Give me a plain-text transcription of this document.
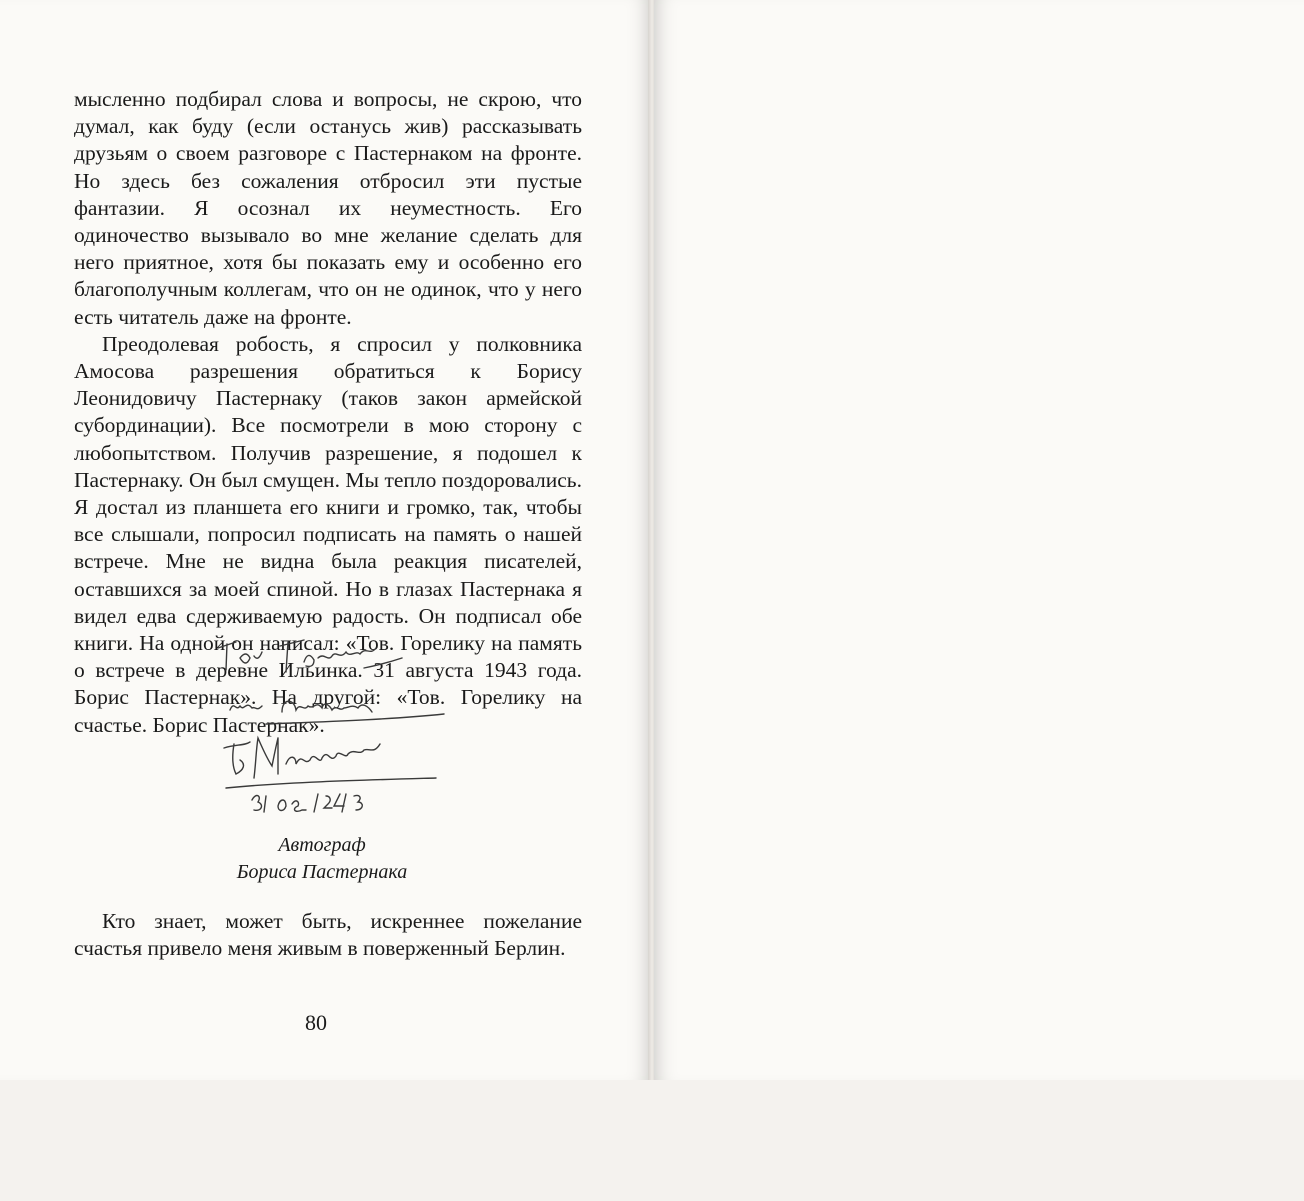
мысленно подбирал слова и вопросы, не скрою, что думал, как буду (если останусь жив) рассказывать друзьям о своем разговоре с Пастернаком на фронте. Но здесь без сожаления отбросил эти пустые фантазии. Я осознал их неуместность. Его одиночество вызывало во мне желание сделать для него приятное, хотя бы показать ему и особенно его благополучным коллегам, что он не одинок, что у него есть читатель даже на фронте.

Преодолевая робость, я спросил у полковника Амосова разрешения обратиться к Борису Леонидовичу Пастернаку (таков закон армейской субординации). Все посмотрели в мою сторону с любопытством. Получив разрешение, я подошел к Пастернаку. Он был смущен. Мы тепло поздоровались. Я достал из планшета его книги и громко, так, чтобы все слышали, попросил подписать на память о нашей встрече. Мне не видна была реакция писателей, оставшихся за моей спиной. Но в глазах Пастернака я видел едва сдерживаемую радость. Он подписал обе книги. На одной он написал: «Тов. Горелику на память о встрече в деревне Ильинка. 31 августа 1943 года. Борис Пастернак». На другой: «Тов. Горелику на счастье. Борис Пастернак».

Автограф
Бориса Пастернака

Кто знает, может быть, искреннее пожелание счастья привело меня живым в поверженный Берлин.

80
